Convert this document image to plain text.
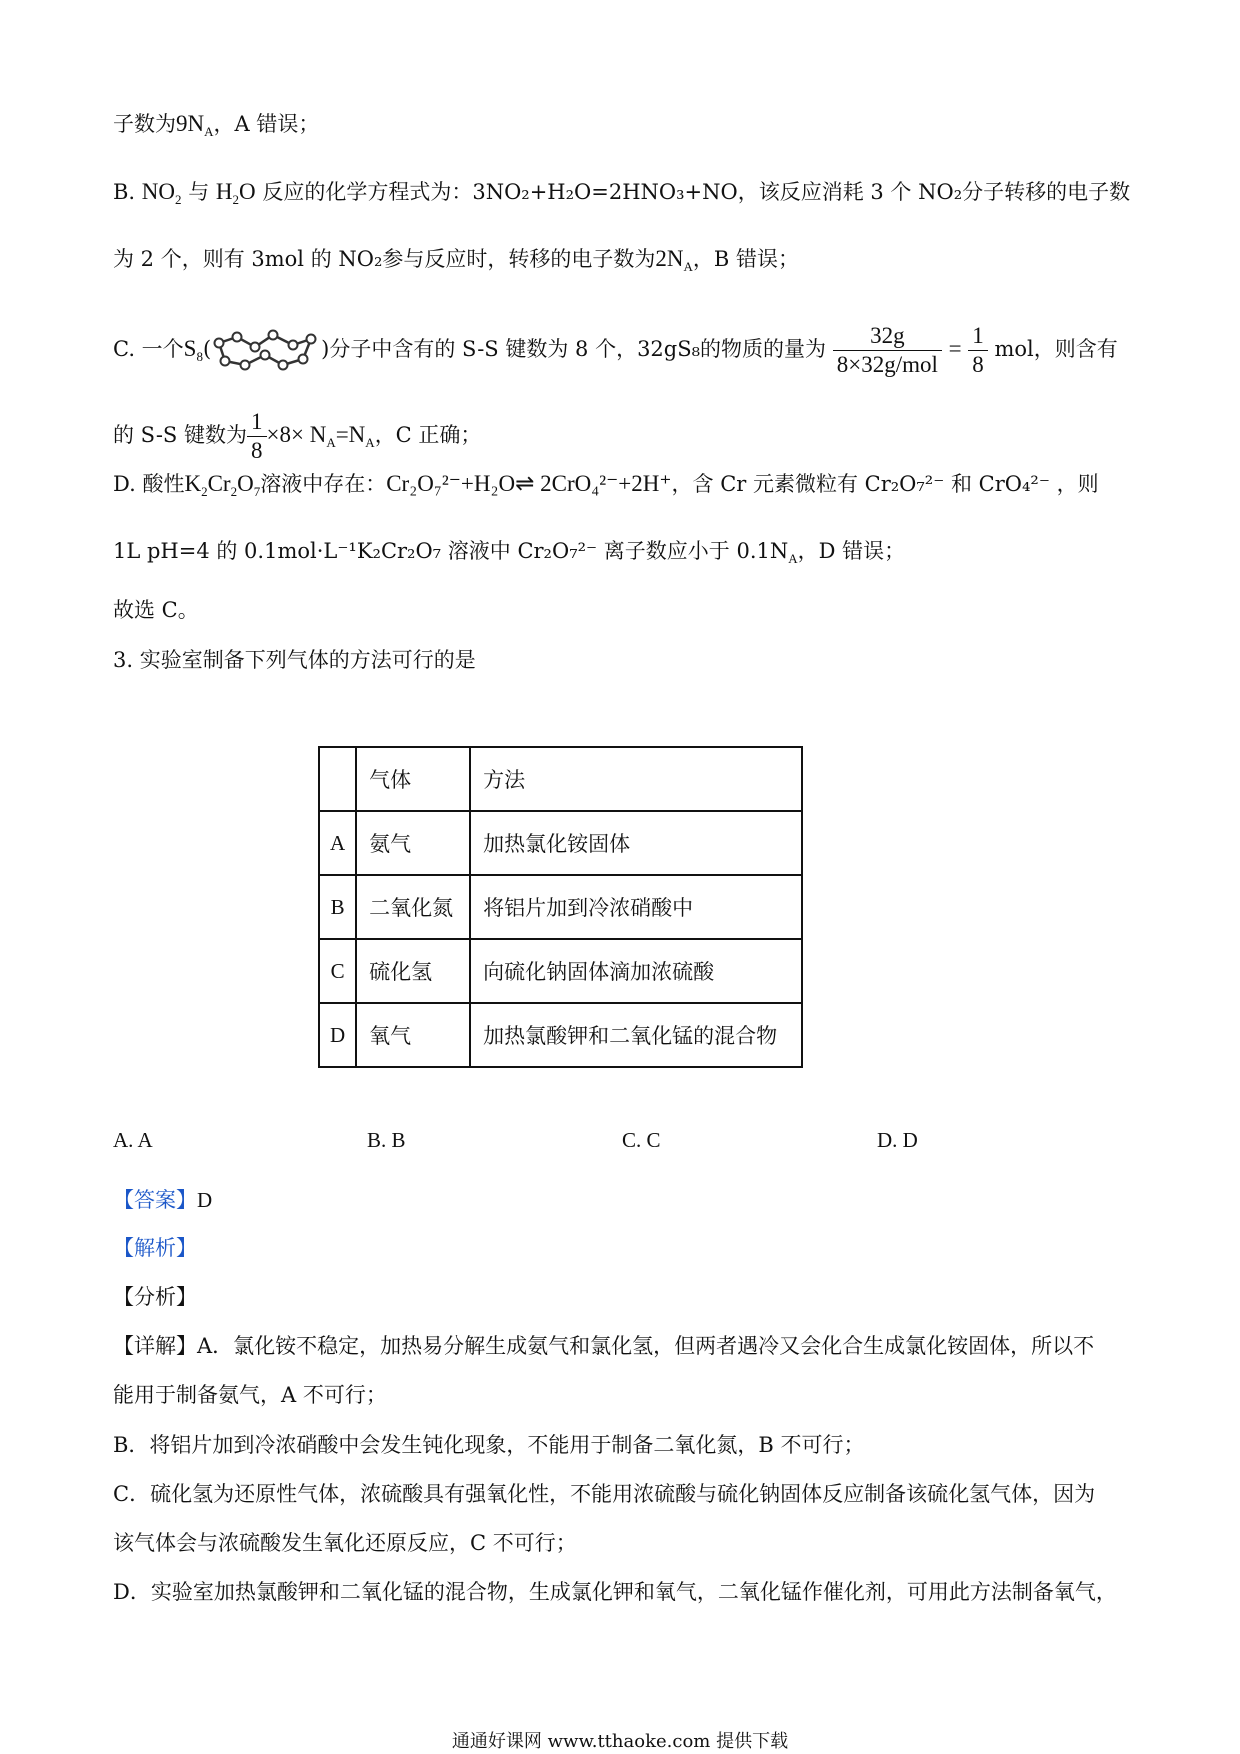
子数为$9N_A$，A 错误；
B. $NO_2$ 与 $H_2O$ 反应的化学方程式为：3NO₂+H₂O=2HNO₃+NO，该反应消耗 3 个 NO₂分子转移的电子数
为 2 个，则有 3mol 的 NO₂参与反应时，转移的电子数为$2N_A$，B 错误；
C. 一个$S_8$(	)分子中含有的 S-S 键数为 8 个，32gS₈的物质的量为 $\frac{32g}{\text{8×32g/mol}} = \frac{1}{8}$ mol，则含有
的 S-S 键数为 $\frac{1}{8} \times 8\times N_A=N_A$，C 正确；
D. 酸性$K_2Cr_2O_7$溶液中存在：Cr₂O₇²⁻+H₂O⇌ 2CrO₄²⁻+2H⁺，含 Cr 元素微粒有 Cr₂O₇²⁻ 和 CrO₄²⁻ ，则
1L pH=4 的 0.1mol·L⁻¹K₂Cr₂O₇ 溶液中 Cr₂O₇²⁻ 离子数应小于 $0.1N_A$，D 错误；
故选 C。
3. 实验室制备下列气体的方法可行的是
	气体	方法
A	氨气	加热氯化铵固体
B	二氧化氮	将铝片加到冷浓硝酸中
C	硫化氢	向硫化钠固体滴加浓硫酸
D	氧气	加热氯酸钾和二氧化锰的混合物
A. A	B. B	C. C	D. D
【答案】D
【解析】
【分析】
【详解】A．氯化铵不稳定，加热易分解生成氨气和氯化氢，但两者遇冷又会化合生成氯化铵固体，所以不
能用于制备氨气，A 不可行；
B．将铝片加到冷浓硝酸中会发生钝化现象，不能用于制备二氧化氮，B 不可行；
C．硫化氢为还原性气体，浓硫酸具有强氧化性，不能用浓硫酸与硫化钠固体反应制备该硫化氢气体，因为
该气体会与浓硫酸发生氧化还原反应，C 不可行；
D．实验室加热氯酸钾和二氧化锰的混合物，生成氯化钾和氧气，二氧化锰作催化剂，可用此方法制备氧气，
通通好课网 www.tthaoke.com 提供下载
